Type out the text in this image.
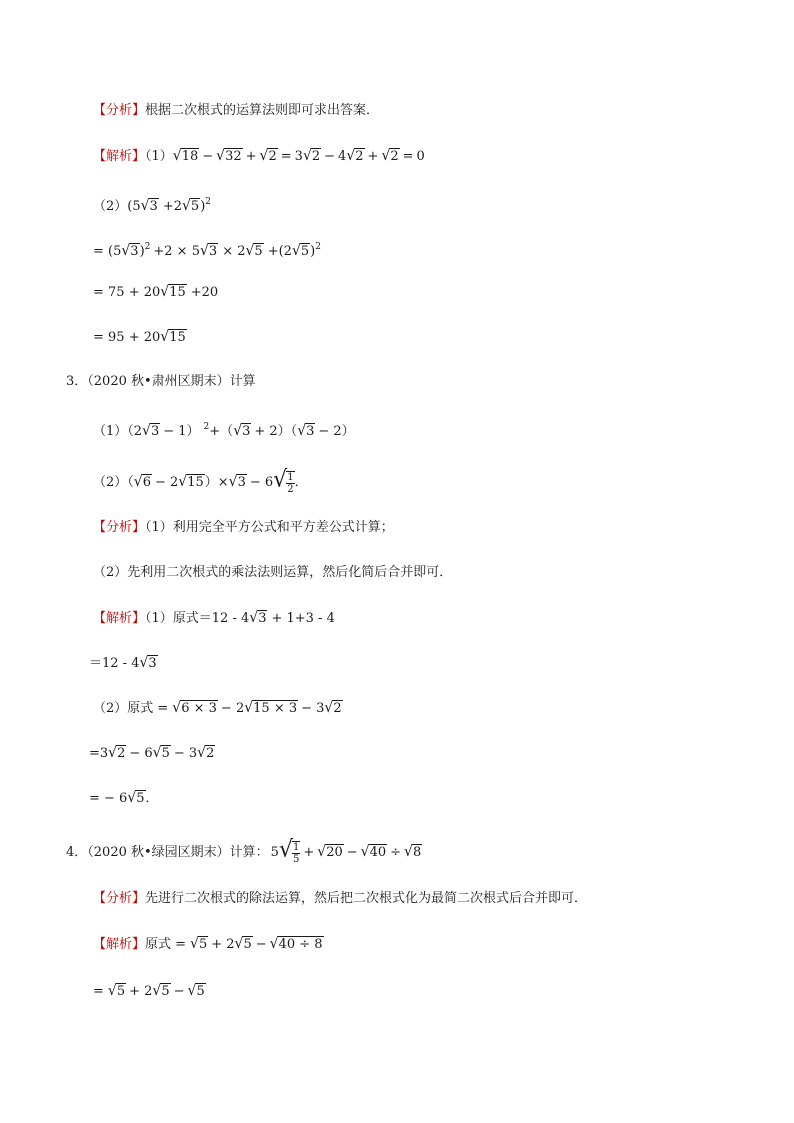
【分析】根据二次根式的运算法则即可求出答案．
【解析】（1）√18 − √32 + √2 = 3√2 − 4√2 + √2 = 0
$(2)(5√3 +2√5)^2$
= $(5√3)^2 +2 \times 5√3 \times 2√5 +(2√5)^2$
= 75 + 20√15 +20
= 95 + 20√15
3．（2020 秋•肃州区期末）计算
（1）（2√3 − 1） $^2$+（√3 + 2）（√3 − 2）
$(2)(√6 - 2√15)\times√3 - 6√ \frac{1}{2}$ ．
【分析】（1）利用完全平方公式和平方差公式计算；
（2）先利用二次根式的乘法法则运算，然后化简后合并即可．
【解析】（1）原式＝12 - 4√3 + 1+3 - 4
＝12 - 4√3
（2）原式 = √6 × 3 − 2√15 × 3 − 3√2
=3√2 − 6√5 − 3√2
= − 6√5．
4．（2020 秋•绿园区期末）计算： $5√ \frac{1}{5} + √20 - √40 \div √8$
【分析】先进行二次根式的除法运算，然后把二次根式化为最简二次根式后合并即可．
【解析】原式 = √5 + 2√5 − √40 ÷ 8
= √5 + 2√5 − √5
